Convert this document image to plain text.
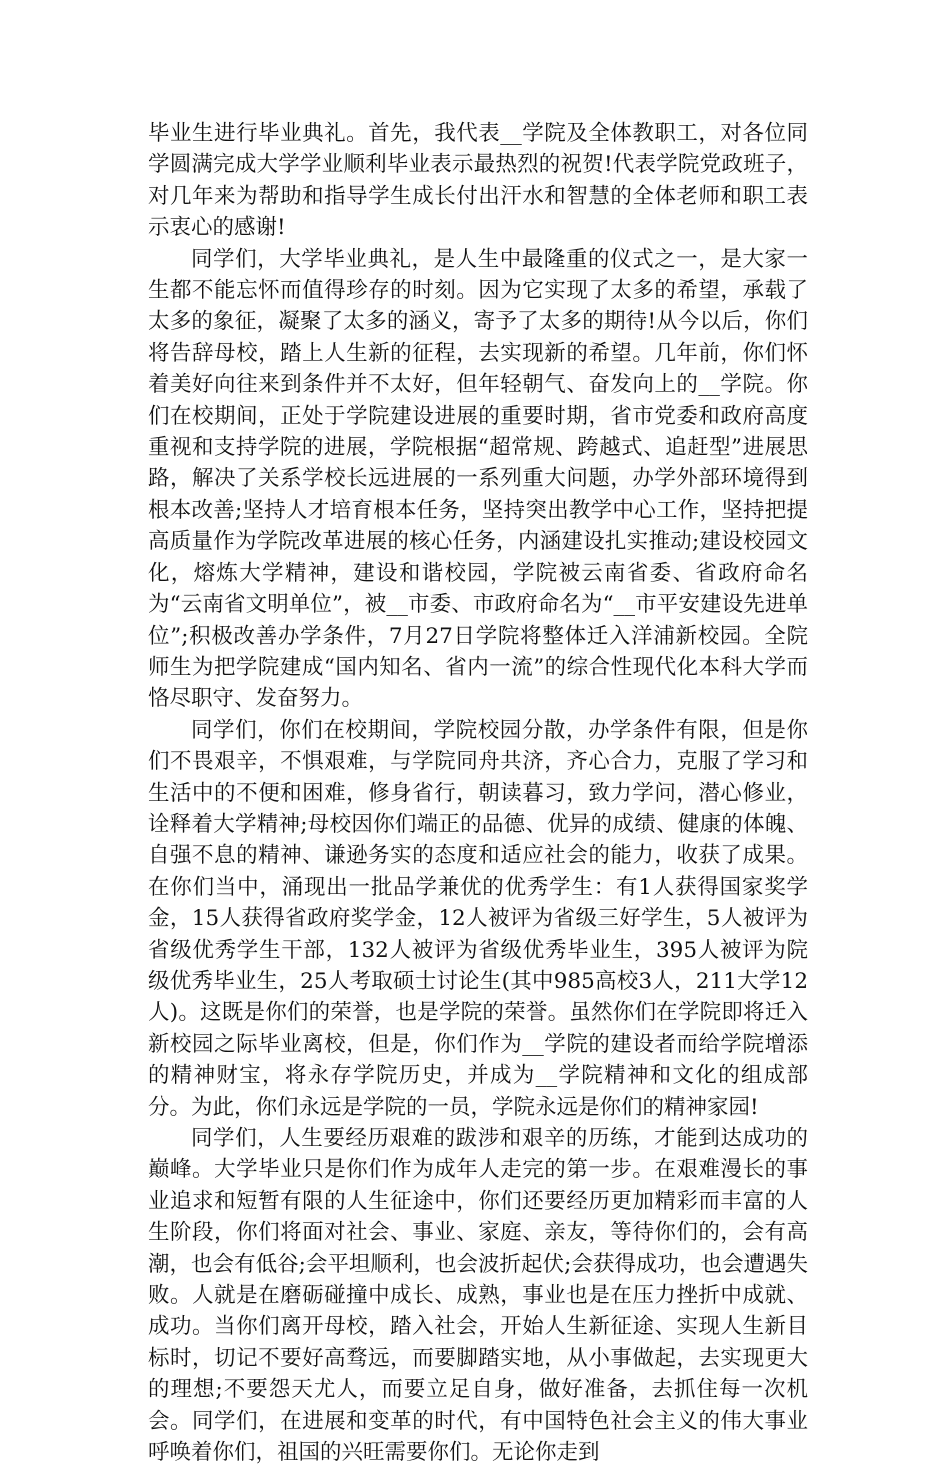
毕业生进行毕业典礼。首先，我代表__学院及全体教职工，对各位同学圆满完成大学学业顺利毕业表示最热烈的祝贺!代表学院党政班子，对几年来为帮助和指导学生成长付出汗水和智慧的全体老师和职工表示衷心的感谢!

同学们，大学毕业典礼，是人生中最隆重的仪式之一，是大家一生都不能忘怀而值得珍存的时刻。因为它实现了太多的希望，承载了太多的象征，凝聚了太多的涵义，寄予了太多的期待!从今以后，你们将告辞母校，踏上人生新的征程，去实现新的希望。几年前，你们怀着美好向往来到条件并不太好，但年轻朝气、奋发向上的__学院。你们在校期间，正处于学院建设进展的重要时期，省市党委和政府高度重视和支持学院的进展，学院根据“超常规、跨越式、追赶型”进展思路，解决了关系学校长远进展的一系列重大问题，办学外部环境得到根本改善;坚持人才培育根本任务，坚持突出教学中心工作，坚持把提高质量作为学院改革进展的核心任务，内涵建设扎实推动;建设校园文化，熔炼大学精神，建设和谐校园，学院被云南省委、省政府命名为“云南省文明单位”，被__市委、市政府命名为“__市平安建设先进单位”;积极改善办学条件，7月27日学院将整体迁入洋浦新校园。全院师生为把学院建成“国内知名、省内一流”的综合性现代化本科大学而恪尽职守、发奋努力。

同学们，你们在校期间，学院校园分散，办学条件有限，但是你们不畏艰辛，不惧艰难，与学院同舟共济，齐心合力，克服了学习和生活中的不便和困难，修身省行，朝读暮习，致力学问，潜心修业，诠释着大学精神;母校因你们端正的品德、优异的成绩、健康的体魄、自强不息的精神、谦逊务实的态度和适应社会的能力，收获了成果。在你们当中，涌现出一批品学兼优的优秀学生：有1人获得国家奖学金，15人获得省政府奖学金，12人被评为省级三好学生，5人被评为省级优秀学生干部，132人被评为省级优秀毕业生，395人被评为院级优秀毕业生，25人考取硕士讨论生(其中985高校3人，211大学12人)。这既是你们的荣誉，也是学院的荣誉。虽然你们在学院即将迁入新校园之际毕业离校，但是，你们作为__学院的建设者而给学院增添的精神财宝，将永存学院历史，并成为__学院精神和文化的组成部分。为此，你们永远是学院的一员，学院永远是你们的精神家园!

同学们，人生要经历艰难的跋涉和艰辛的历练，才能到达成功的巅峰。大学毕业只是你们作为成年人走完的第一步。在艰难漫长的事业追求和短暂有限的人生征途中，你们还要经历更加精彩而丰富的人生阶段，你们将面对社会、事业、家庭、亲友，等待你们的，会有高潮，也会有低谷;会平坦顺利，也会波折起伏;会获得成功，也会遭遇失败。人就是在磨砺碰撞中成长、成熟，事业也是在压力挫折中成就、成功。当你们离开母校，踏入社会，开始人生新征途、实现人生新目标时，切记不要好高骛远，而要脚踏实地，从小事做起，去实现更大的理想;不要怨天尤人，而要立足自身，做好准备，去抓住每一次机会。同学们，在进展和变革的时代，有中国特色社会主义的伟大事业呼唤着你们，祖国的兴旺需要你们。无论你走到
